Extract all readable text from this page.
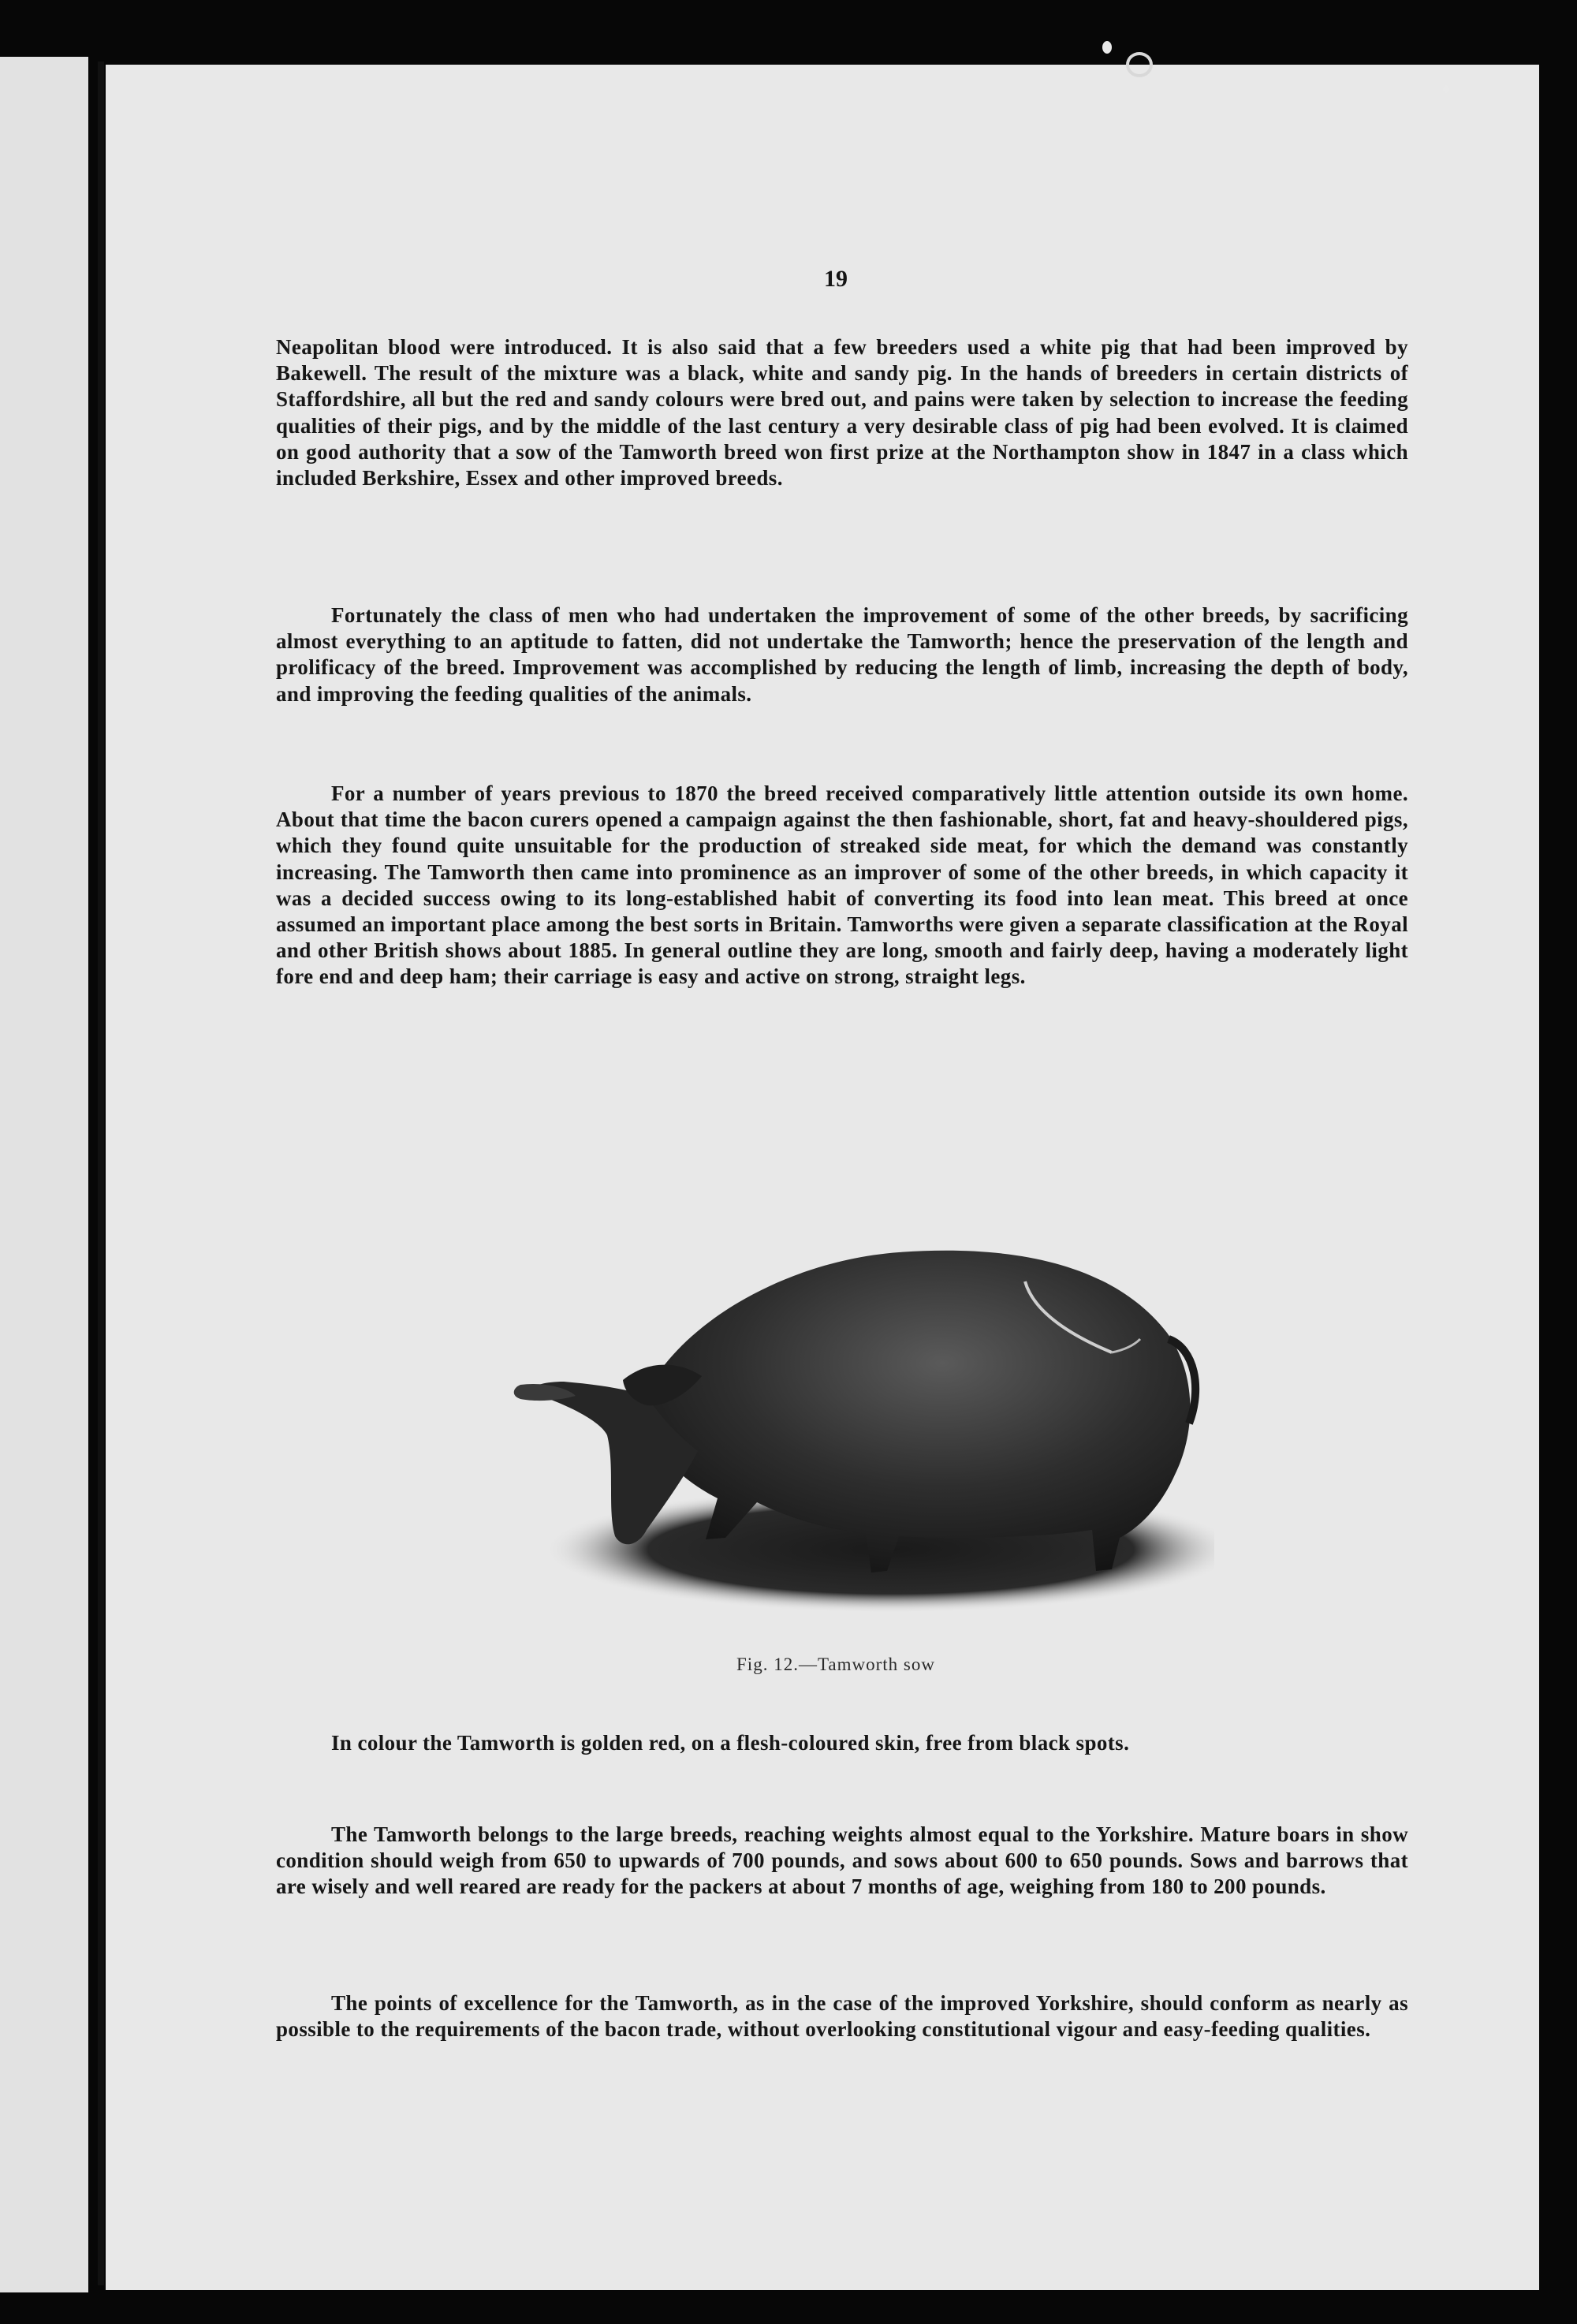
19

Neapolitan blood were introduced. It is also said that a few breeders used a white pig that had been improved by Bakewell. The result of the mixture was a black, white and sandy pig. In the hands of breeders in certain districts of Staffordshire, all but the red and sandy colours were bred out, and pains were taken by selection to increase the feeding qualities of their pigs, and by the middle of the last century a very desirable class of pig had been evolved. It is claimed on good authority that a sow of the Tamworth breed won first prize at the Northampton show in 1847 in a class which included Berkshire, Essex and other improved breeds.

Fortunately the class of men who had undertaken the improvement of some of the other breeds, by sacrificing almost everything to an aptitude to fatten, did not undertake the Tamworth; hence the preservation of the length and prolificacy of the breed. Improvement was accomplished by reducing the length of limb, increasing the depth of body, and improving the feeding qualities of the animals.

For a number of years previous to 1870 the breed received comparatively little attention outside its own home. About that time the bacon curers opened a campaign against the then fashionable, short, fat and heavy-shouldered pigs, which they found quite unsuitable for the production of streaked side meat, for which the demand was constantly increasing. The Tamworth then came into prominence as an improver of some of the other breeds, in which capacity it was a decided success owing to its long-established habit of converting its food into lean meat. This breed at once assumed an important place among the best sorts in Britain. Tamworths were given a separate classification at the Royal and other British shows about 1885. In general outline they are long, smooth and fairly deep, having a moderately light fore end and deep ham; their carriage is easy and active on strong, straight legs.

Fig. 12.—Tamworth sow

In colour the Tamworth is golden red, on a flesh-coloured skin, free from black spots.

The Tamworth belongs to the large breeds, reaching weights almost equal to the Yorkshire. Mature boars in show condition should weigh from 650 to upwards of 700 pounds, and sows about 600 to 650 pounds. Sows and barrows that are wisely and well reared are ready for the packers at about 7 months of age, weighing from 180 to 200 pounds.

The points of excellence for the Tamworth, as in the case of the improved Yorkshire, should conform as nearly as possible to the requirements of the bacon trade, without overlooking constitutional vigour and easy-feeding qualities.
